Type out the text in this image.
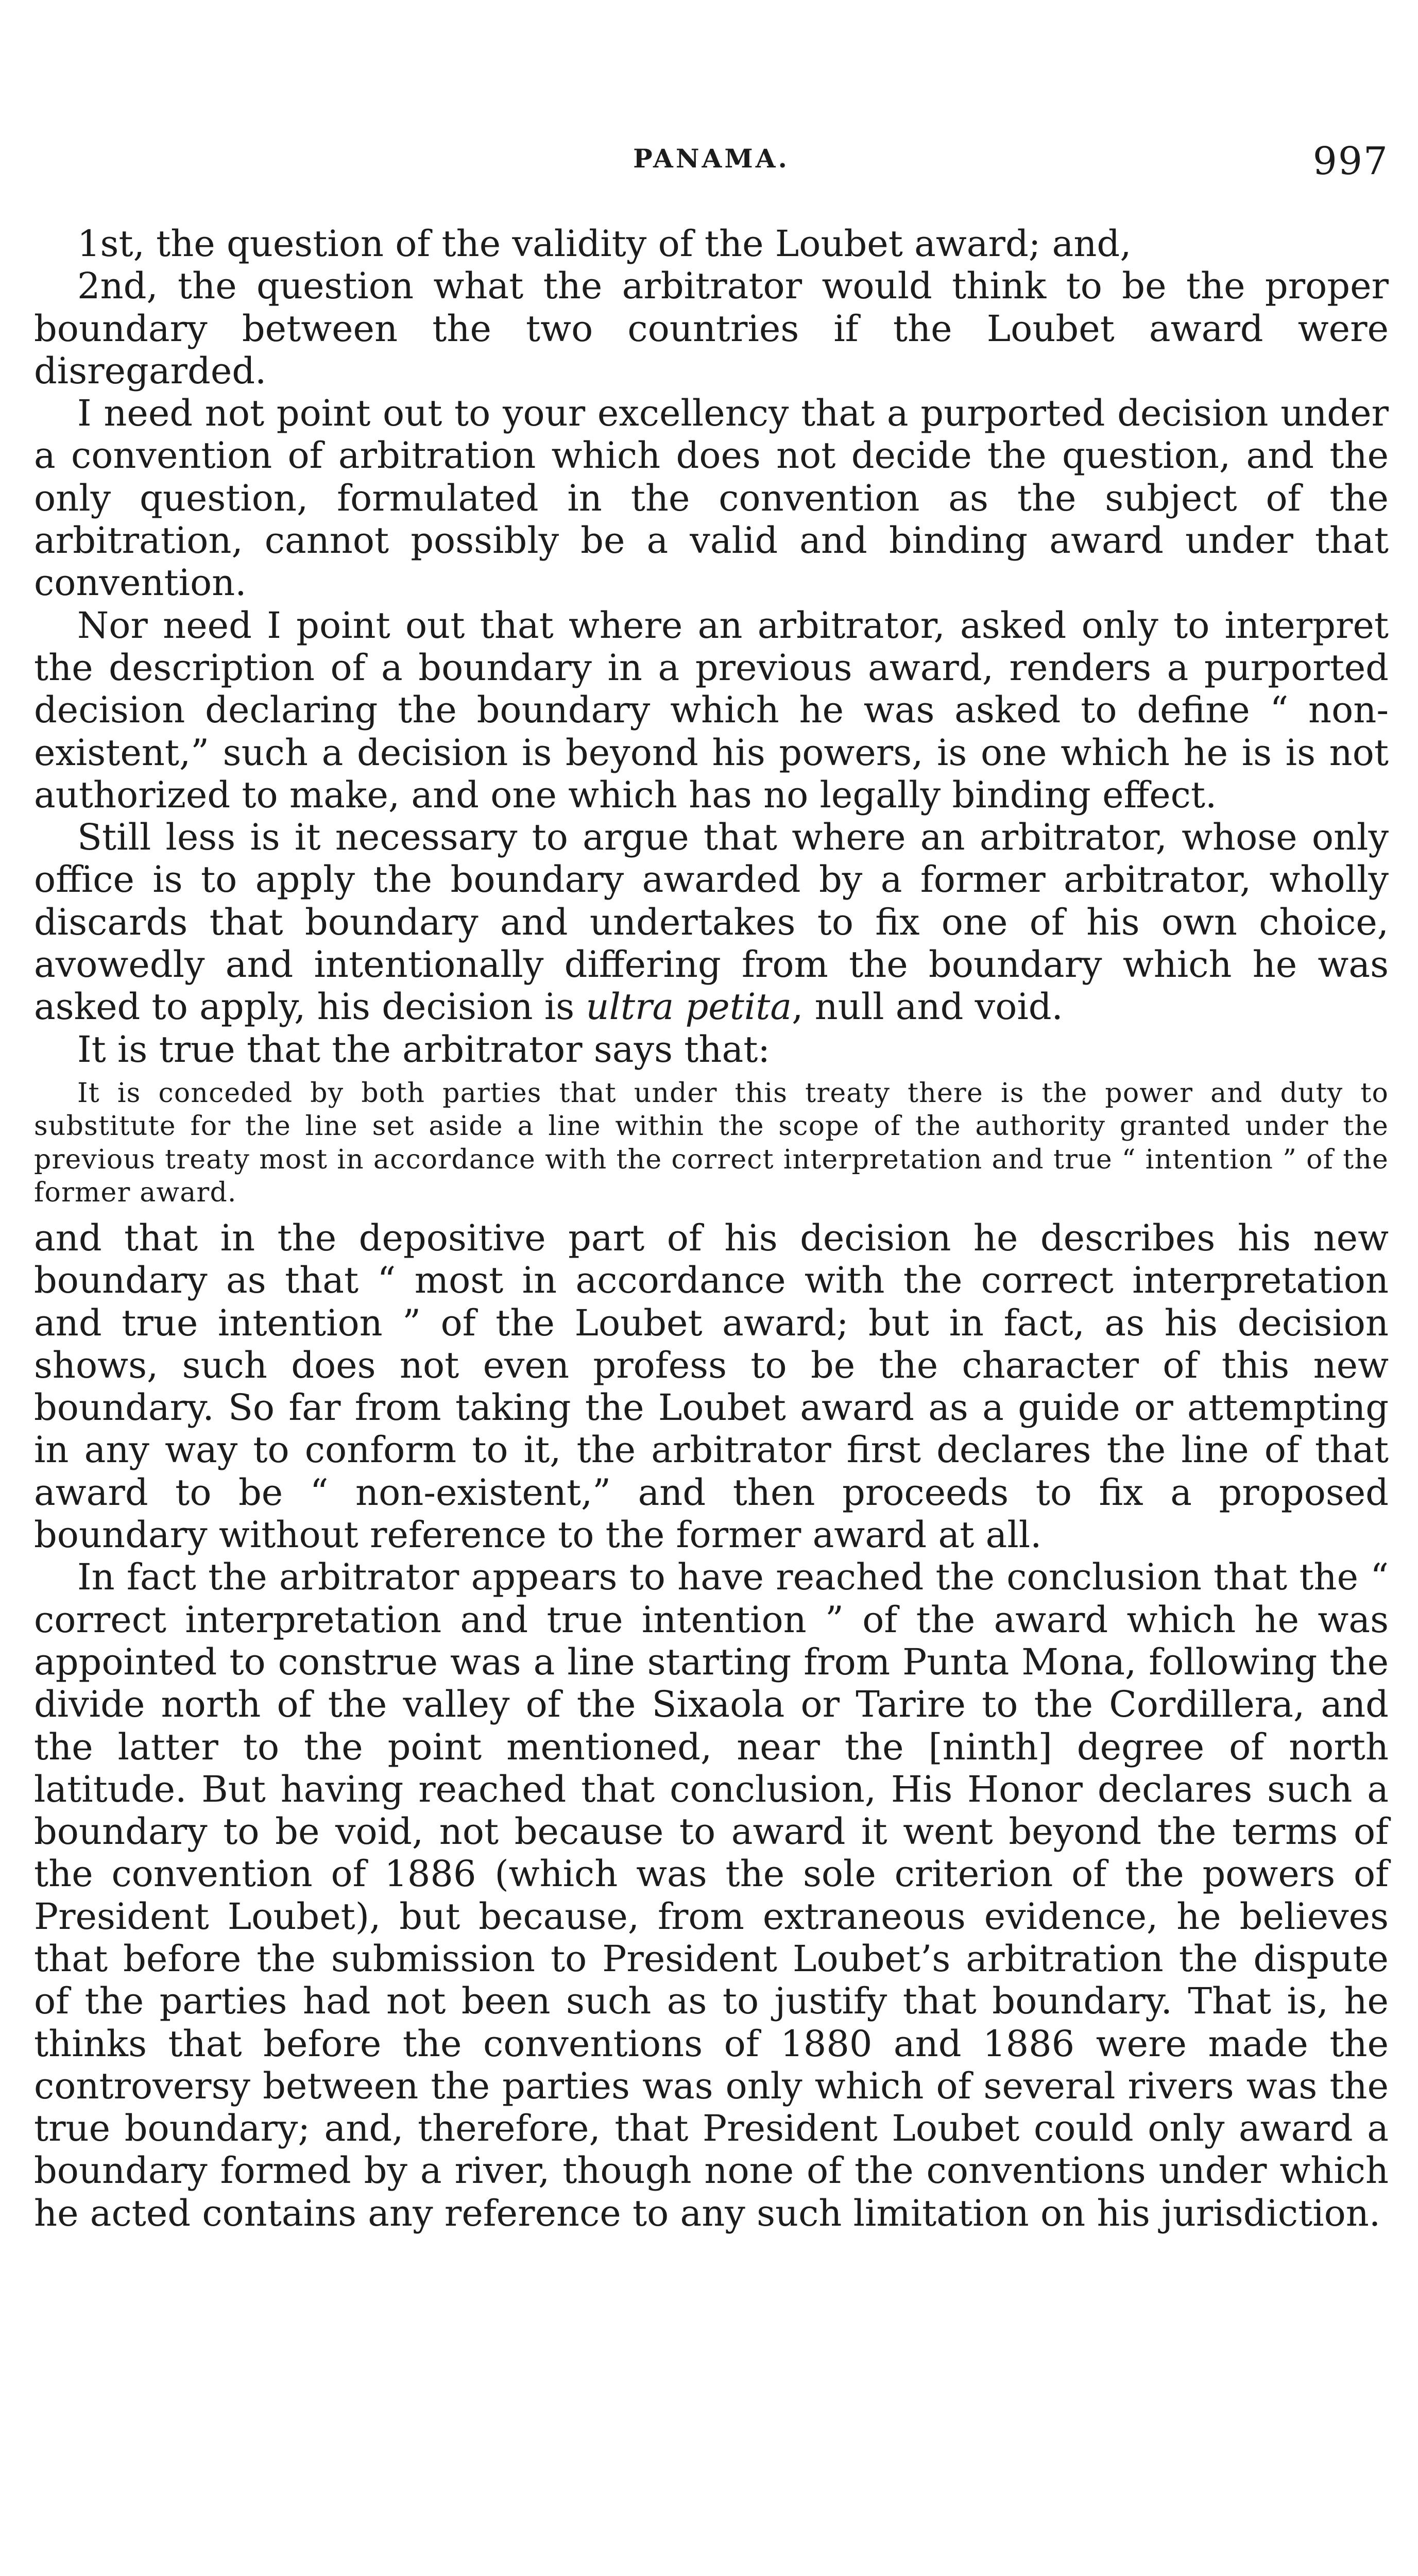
PANAMA.	997

1st, the question of the validity of the Loubet award; and,

2nd, the question what the arbitrator would think to be the proper boundary between the two countries if the Loubet award were disregarded.

I need not point out to your excellency that a purported decision under a convention of arbitration which does not decide the question, and the only question, formulated in the convention as the subject of the arbitration, cannot possibly be a valid and binding award under that convention.

Nor need I point out that where an arbitrator, asked only to interpret the description of a boundary in a previous award, renders a purported decision declaring the boundary which he was asked to define “ non-existent,” such a decision is beyond his powers, is one which he is is not authorized to make, and one which has no legally binding effect.

Still less is it necessary to argue that where an arbitrator, whose only office is to apply the boundary awarded by a former arbitrator, wholly discards that boundary and undertakes to fix one of his own choice, avowedly and intentionally differing from the boundary which he was asked to apply, his decision is ultra petita, null and void.

It is true that the arbitrator says that:

It is conceded by both parties that under this treaty there is the power and duty to substitute for the line set aside a line within the scope of the authority granted under the previous treaty most in accordance with the correct interpretation and true “ intention ” of the former award.

and that in the depositive part of his decision he describes his new boundary as that “ most in accordance with the correct interpretation and true intention ” of the Loubet award; but in fact, as his decision shows, such does not even profess to be the character of this new boundary. So far from taking the Loubet award as a guide or attempting in any way to conform to it, the arbitrator first declares the line of that award to be “ non-existent,” and then proceeds to fix a proposed boundary without reference to the former award at all.

In fact the arbitrator appears to have reached the conclusion that the “ correct interpretation and true intention ” of the award which he was appointed to construe was a line starting from Punta Mona, following the divide north of the valley of the Sixaola or Tarire to the Cordillera, and the latter to the point mentioned, near the [ninth] degree of north latitude. But having reached that conclusion, His Honor declares such a boundary to be void, not because to award it went beyond the terms of the convention of 1886 (which was the sole criterion of the powers of President Loubet), but because, from extraneous evidence, he believes that before the submission to President Loubet’s arbitration the dispute of the parties had not been such as to justify that boundary. That is, he thinks that before the conventions of 1880 and 1886 were made the controversy between the parties was only which of several rivers was the true boundary; and, therefore, that President Loubet could only award a boundary formed by a river, though none of the conventions under which he acted contains any reference to any such limitation on his jurisdiction.
